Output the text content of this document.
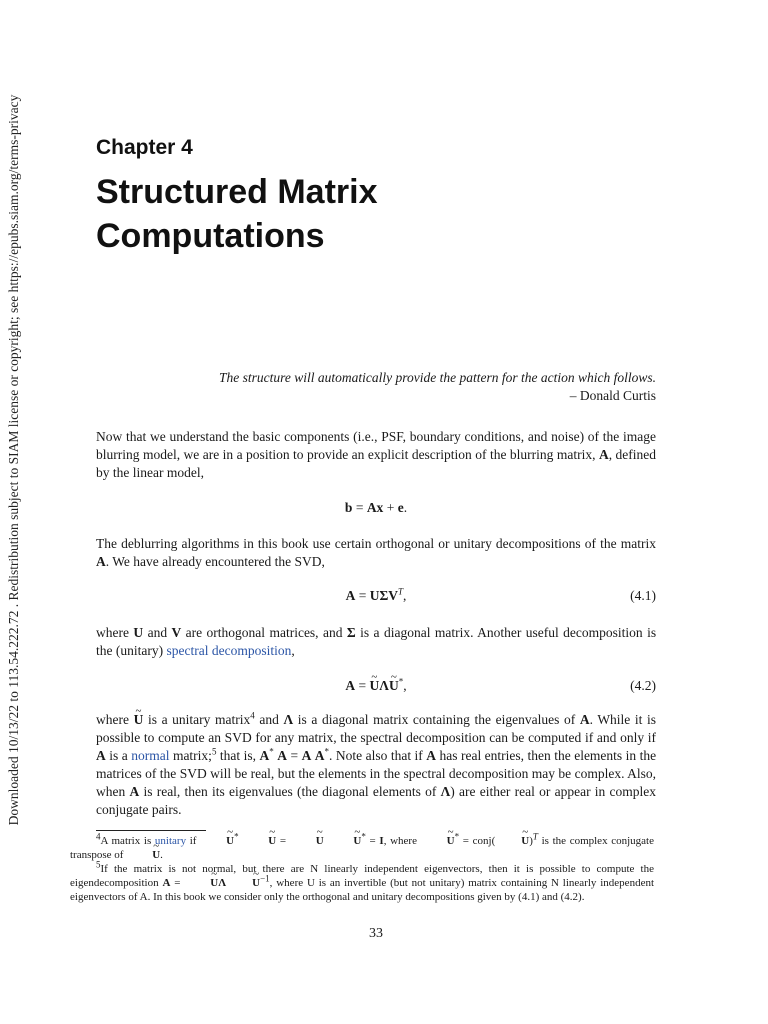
Downloaded 10/13/22 to 113.54.222.72 . Redistribution subject to SIAM license or copyright; see https://epubs.siam.org/terms-privacy	Chapter 4
Structured Matrix
Computations
The structure will automatically provide the pattern for the action which follows.
– Donald Curtis

Now that we understand the basic components (i.e., PSF, boundary conditions, and noise) of the image blurring model, we are in a position to provide an explicit description of the blurring matrix, A, defined by the linear model,

b = Ax + e.

The deblurring algorithms in this book use certain orthogonal or unitary decompositions of the matrix A. We have already encountered the SVD,

$A = U\Sigma V^T$,	(4.1)

where U and V are orthogonal matrices, and Σ is a diagonal matrix. Another useful decomposition is the (unitary) spectral decomposition,

A = ~ UΛ~ U*,	(4.2)

where ~ U is a unitary matrix$^4$ and Λ is a diagonal matrix containing the eigenvalues of A. While it is possible to compute an SVD for any matrix, the spectral decomposition can be computed if and only if A is a normal matrix;$^5$ that is, A* A = A A*. Note also that if A has real entries, then the elements in the matrices of the SVD will be real, but the elements in the spectral decomposition may be complex. Also, when A is real, then its eigenvalues (the diagonal elements of Λ) are either real or appear in complex conjugate pairs.

$^4$A matrix is unitary if	~ U*	~ U = ~ U	~ U* = I, where	~ U* = conj( ~ U)$^T$ is the complex conjugate transpose of	~ U.
$^5$If the matrix is not normal, but there are N linearly independent eigenvectors, then it is possible to compute the eigendecomposition A = ~ UΛ ~ $U^{-1}$, where U is an invertible (but not unitary) matrix containing N linearly independent eigenvectors of A. In this book we consider only the orthogonal and unitary decompositions given by (4.1) and (4.2).
33
